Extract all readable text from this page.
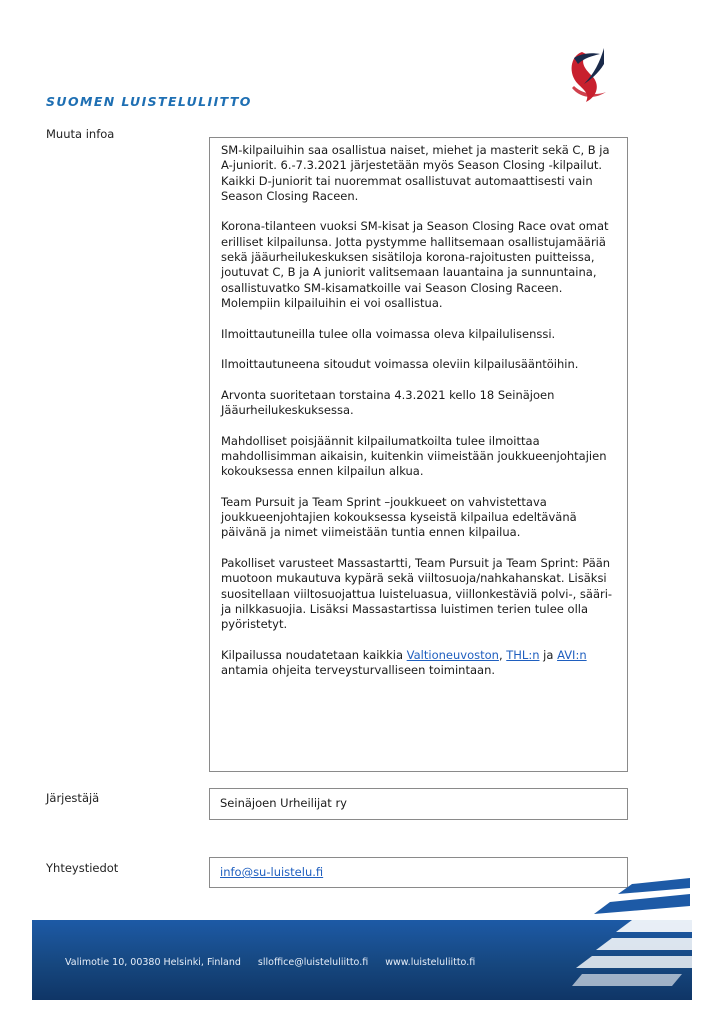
SUOMEN LUISTELULIITTO
Muuta infoa

SM-kilpailuihin saa osallistua naiset, miehet ja masterit sekä C, B ja A-juniorit. 6.-7.3.2021 järjestetään myös Season Closing -kilpailut. Kaikki D-juniorit tai nuoremmat osallistuvat automaattisesti vain Season Closing Raceen.

Korona-tilanteen vuoksi SM-kisat ja Season Closing Race ovat omat erilliset kilpailunsa. Jotta pystymme hallitsemaan osallistujamääriä sekä jääurheilukeskuksen sisätiloja korona-rajoitusten puitteissa, joutuvat C, B ja A juniorit valitsemaan lauantaina ja sunnuntaina, osallistuvatko SM-kisamatkoille vai Season Closing Raceen. Molempiin kilpailuihin ei voi osallistua.

Ilmoittautuneilla tulee olla voimassa oleva kilpailulisenssi.

Ilmoittautuneena sitoudut voimassa oleviin kilpailusääntöihin.

Arvonta suoritetaan torstaina 4.3.2021 kello 18 Seinäjoen Jääurheilukeskuksessa.

Mahdolliset poisjäännit kilpailumatkoilta tulee ilmoittaa mahdollisimman aikaisin, kuitenkin viimeistään joukkueenjohtajien kokouksessa ennen kilpailun alkua.

Team Pursuit ja Team Sprint –joukkueet on vahvistettava joukkueenjohtajien kokouksessa kyseistä kilpailua edeltävänä päivänä ja nimet viimeistään tuntia ennen kilpailua.

Pakolliset varusteet Massastartti, Team Pursuit ja Team Sprint: Pään muotoon mukautuva kypärä sekä viiltosuoja/nahkahanskat. Lisäksi suositellaan viiltosuojattua luisteluasua, viillonkestäviä polvi-, sääri- ja nilkkasuojia. Lisäksi Massastartissa luistimen terien tulee olla pyöristetyt.

Kilpailussa noudatetaan kaikkia Valtioneuvoston, THL:n ja AVI:n antamia ohjeita terveysturvalliseen toimintaan.

Järjestäjä	Seinäjoen Urheilijat ry
Yhteystiedot	info@su-luistelu.fi
Valimotie 10, 00380 Helsinki, Finland slloffice@luisteluliitto.fi www.luisteluliitto.fi
